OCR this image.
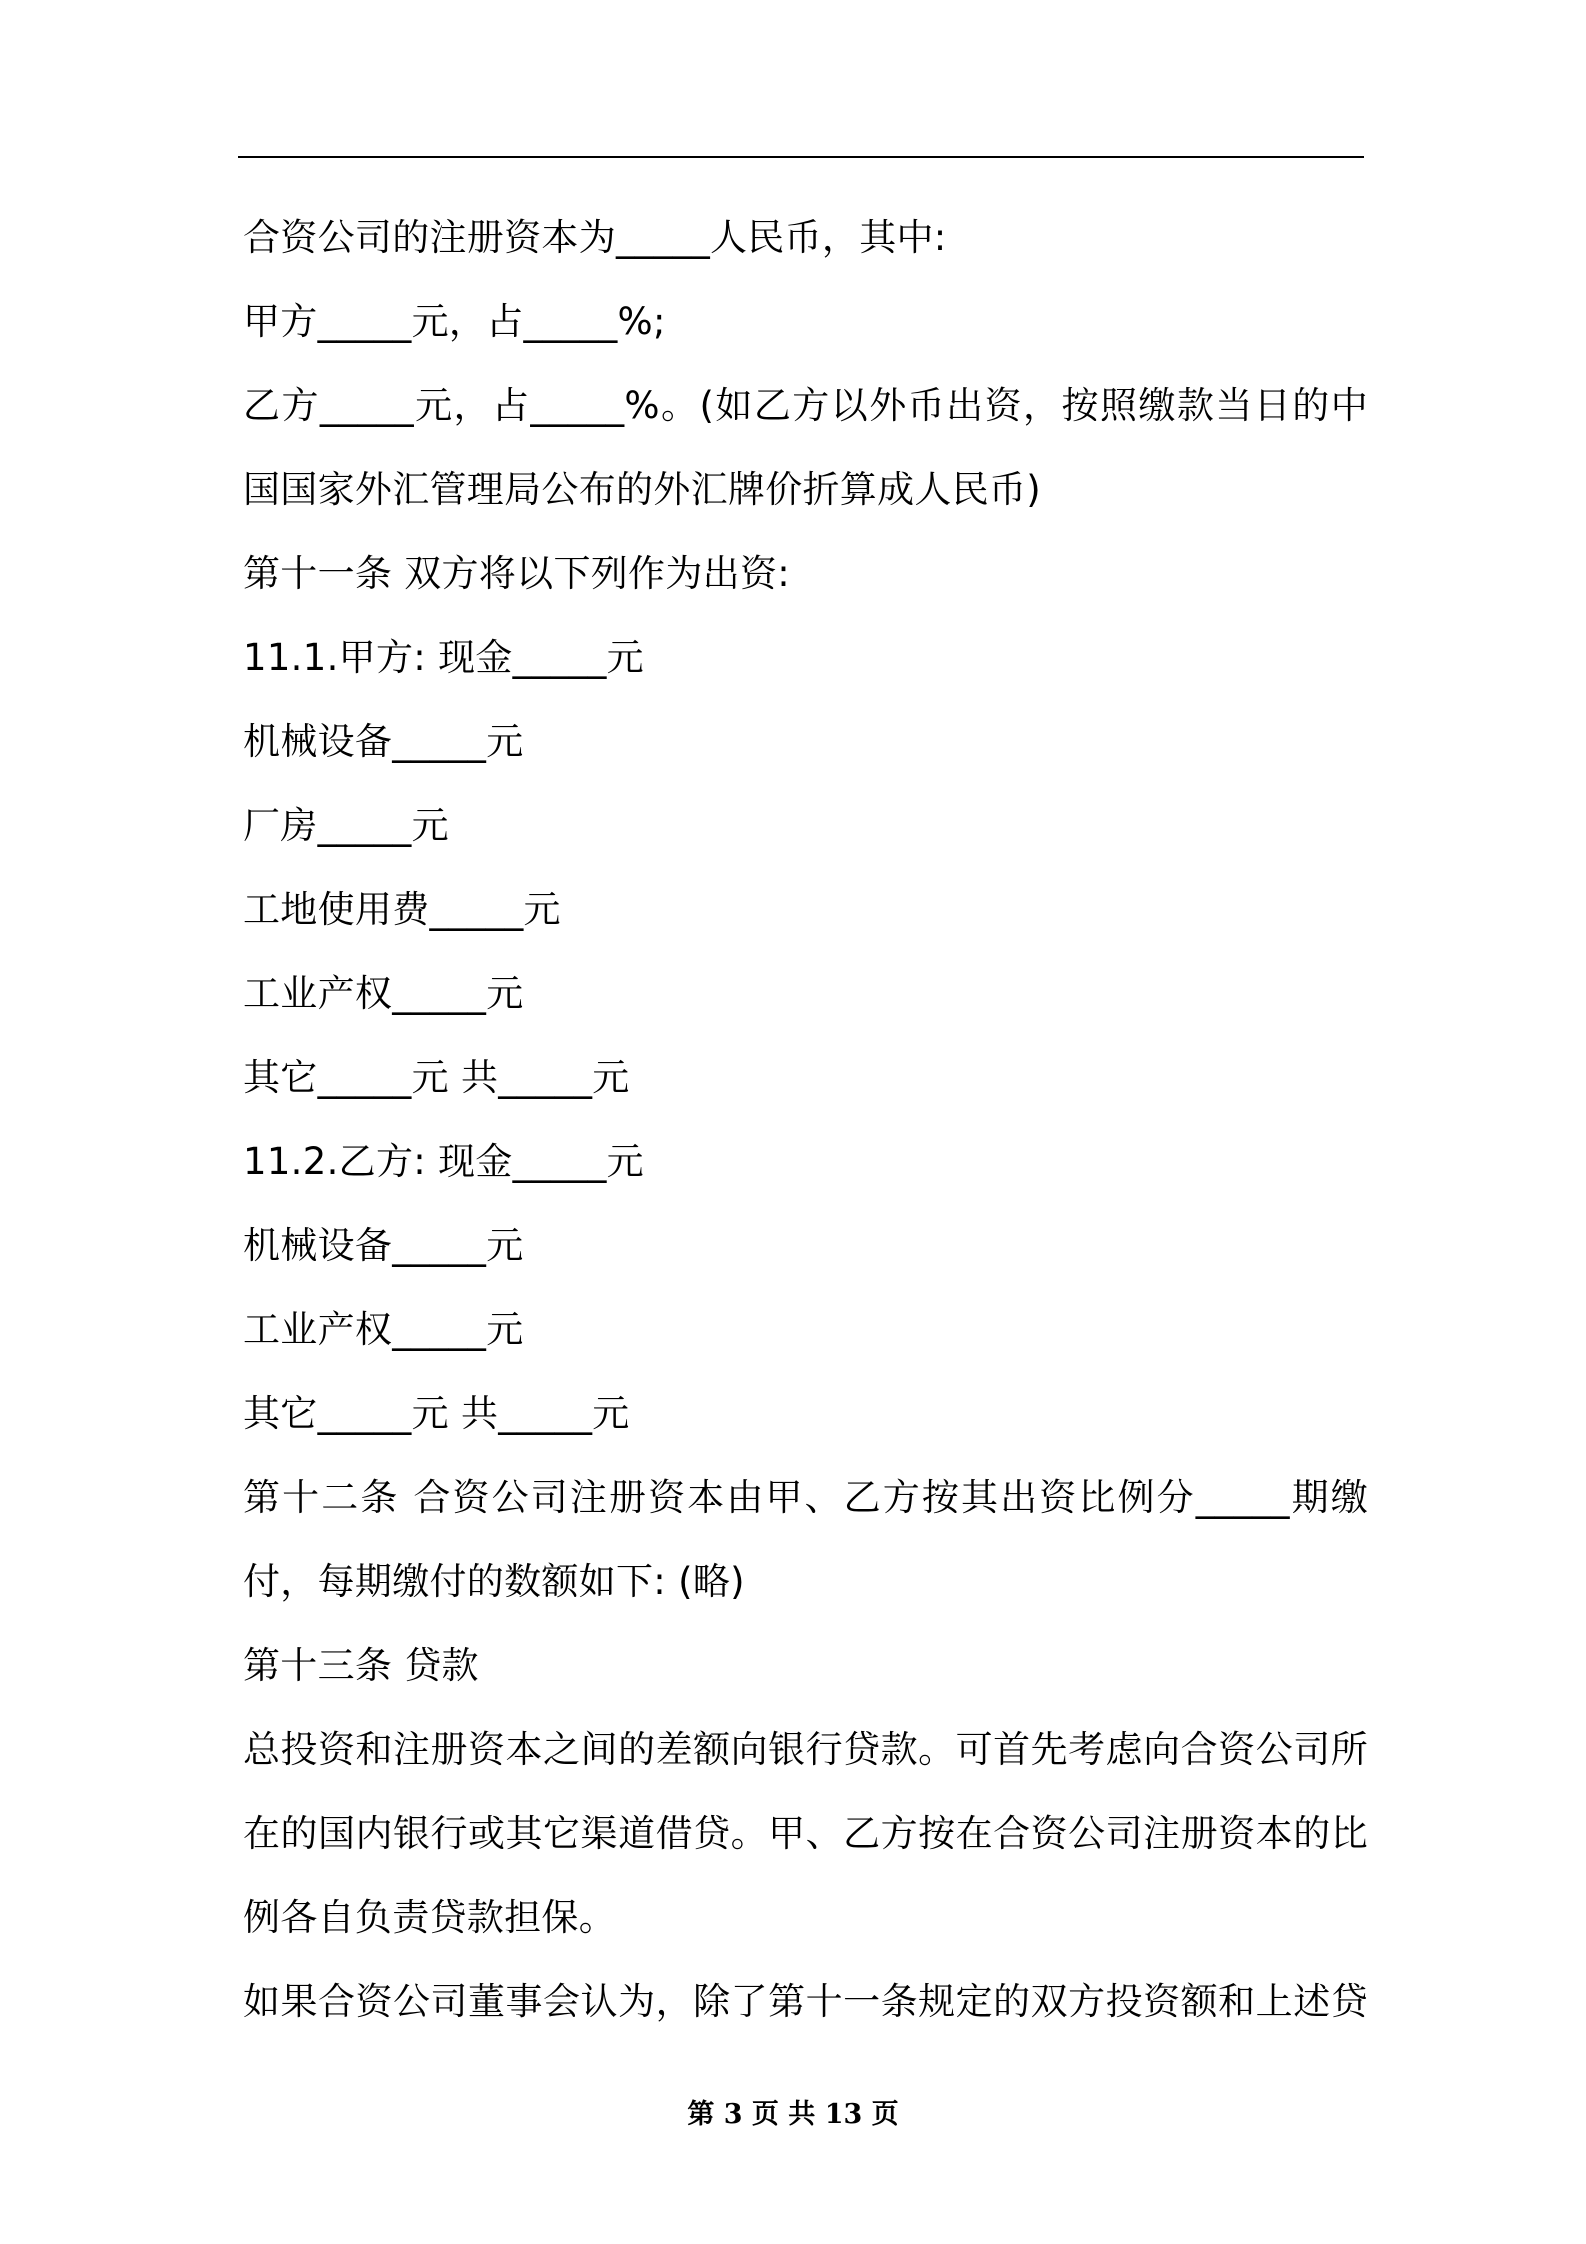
合资公司的注册资本为_____人民币，其中:
甲方_____元，占_____%;
乙方_____元，占_____%。(如乙方以外币出资，按照缴款当日的中
国国家外汇管理局公布的外汇牌价折算成人民币)
第十一条 双方将以下列作为出资:
11.1.甲方: 现金_____元
机械设备_____元
厂房_____元
工地使用费_____元
工业产权_____元
其它_____元 共_____元
11.2.乙方: 现金_____元
机械设备_____元
工业产权_____元
其它_____元 共_____元
第十二条 合资公司注册资本由甲、乙方按其出资比例分_____期缴
付，每期缴付的数额如下: (略)
第十三条 贷款
总投资和注册资本之间的差额向银行贷款。可首先考虑向合资公司所
在的国内银行或其它渠道借贷。甲、乙方按在合资公司注册资本的比
例各自负责贷款担保。
如果合资公司董事会认为，除了第十一条规定的双方投资额和上述贷
第 3 页 共 13 页
